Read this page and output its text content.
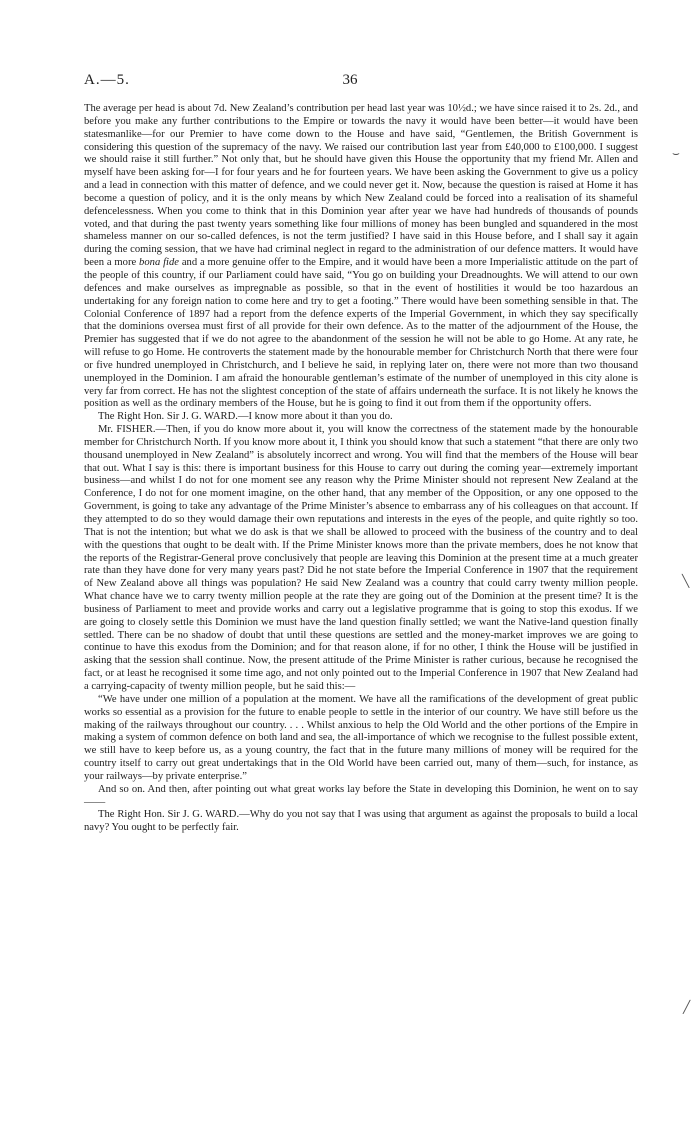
A.—5.	36

The average per head is about 7d. New Zealand’s contribution per head last year was 10½d.; we have since raised it to 2s. 2d., and before you make any further contributions to the Empire or towards the navy it would have been better—it would have been statesmanlike—for our Premier to have come down to the House and have said, “Gentlemen, the British Government is considering this question of the supremacy of the navy. We raised our contribution last year from £40,000 to £100,000. I suggest we should raise it still further.” Not only that, but he should have given this House the opportunity that my friend Mr. Allen and myself have been asking for—I for four years and he for fourteen years. We have been asking the Government to give us a policy and a lead in connection with this matter of defence, and we could never get it. Now, because the question is raised at Home it has become a question of policy, and it is the only means by which New Zealand could be forced into a realisation of its shameful defencelessness. When you come to think that in this Dominion year after year we have had hundreds of thousands of pounds voted, and that during the past twenty years something like four millions of money has been bungled and squandered in the most shameless manner on our so-called defences, is not the term justified? I have said in this House before, and I shall say it again during the coming session, that we have had criminal neglect in regard to the administration of our defence matters. It would have been a more bona fide and a more genuine offer to the Empire, and it would have been a more Imperialistic attitude on the part of the people of this country, if our Parliament could have said, “You go on building your Dreadnoughts. We will attend to our own defences and make ourselves as impregnable as possible, so that in the event of hostilities it would be too hazardous an undertaking for any foreign nation to come here and try to get a footing.” There would have been something sensible in that. The Colonial Conference of 1897 had a report from the defence experts of the Imperial Government, in which they say specifically that the dominions oversea must first of all provide for their own defence. As to the matter of the adjournment of the House, the Premier has suggested that if we do not agree to the abandonment of the session he will not be able to go Home. At any rate, he will refuse to go Home. He controverts the statement made by the honourable member for Christchurch North that there were four or five hundred unemployed in Christchurch, and I believe he said, in replying later on, there were not more than two thousand unemployed in the Dominion. I am afraid the honourable gentleman’s estimate of the number of unemployed in this city alone is very far from correct. He has not the slightest conception of the state of affairs underneath the surface. It is not likely he knows the position as well as the ordinary members of the House, but he is going to find it out from them if the opportunity offers.

The Right Hon. Sir J. G. WARD.—I know more about it than you do.

Mr. FISHER.—Then, if you do know more about it, you will know the correctness of the statement made by the honourable member for Christchurch North. If you know more about it, I think you should know that such a statement “that there are only two thousand unemployed in New Zealand” is absolutely incorrect and wrong. You will find that the members of the House will bear that out. What I say is this: there is important business for this House to carry out during the coming year—extremely important business—and whilst I do not for one moment see any reason why the Prime Minister should not represent New Zealand at the Conference, I do not for one moment imagine, on the other hand, that any member of the Opposition, or any one opposed to the Government, is going to take any advantage of the Prime Minister’s absence to embarrass any of his colleagues on that account. If they attempted to do so they would damage their own reputations and interests in the eyes of the people, and quite rightly so too. That is not the intention; but what we do ask is that we shall be allowed to proceed with the business of the country and to deal with the questions that ought to be dealt with. If the Prime Minister knows more than the private members, does he not know that the reports of the Registrar-General prove conclusively that people are leaving this Dominion at the present time at a much greater rate than they have done for very many years past? Did he not state before the Imperial Conference in 1907 that the requirement of New Zealand above all things was population? He said New Zealand was a country that could carry twenty million people. What chance have we to carry twenty million people at the rate they are going out of the Dominion at the present time? It is the business of Parliament to meet and provide works and carry out a legislative programme that is going to stop this exodus. If we are going to closely settle this Dominion we must have the land question finally settled; we want the Native-land question finally settled. There can be no shadow of doubt that until these questions are settled and the money-market improves we are going to continue to have this exodus from the Dominion; and for that reason alone, if for no other, I think the House will be justified in asking that the session shall continue. Now, the present attitude of the Prime Minister is rather curious, because he recognised the fact, or at least he recognised it some time ago, and not only pointed out to the Imperial Conference in 1907 that New Zealand had a carrying-capacity of twenty million people, but he said this:—

“We have under one million of a population at the moment. We have all the ramifications of the development of great public works so essential as a provision for the future to enable people to settle in the interior of our country. We have still before us the making of the railways throughout our country. . . . Whilst anxious to help the Old World and the other portions of the Empire in making a system of common defence on both land and sea, the all-importance of which we recognise to the fullest possible extent, we still have to keep before us, as a young country, the fact that in the future many millions of money will be required for the country itself to carry out great undertakings that in the Old World have been carried out, many of them—such, for instance, as your railways—by private enterprise.”

And so on. And then, after pointing out what great works lay before the State in developing this Dominion, he went on to say——

The Right Hon. Sir J. G. WARD.—Why do you not say that I was using that argument as against the proposals to build a local navy? You ought to be perfectly fair.

⌣
╲
╱
